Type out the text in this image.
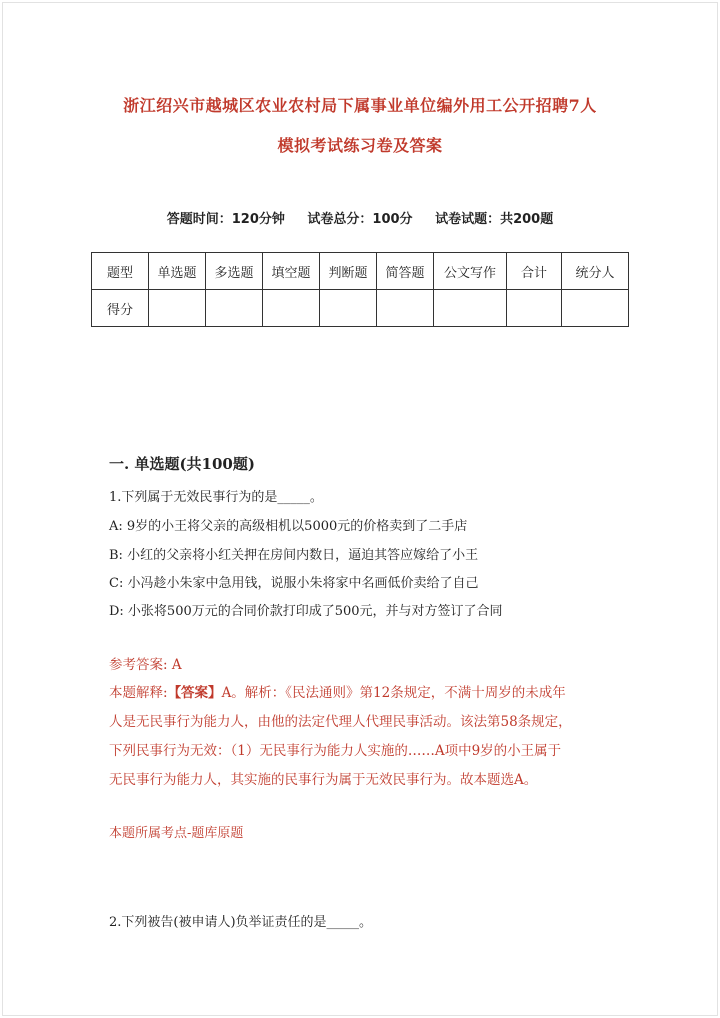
浙江绍兴市越城区农业农村局下属事业单位编外用工公开招聘7人
模拟考试练习卷及答案
答题时间：120分钟 试卷总分：100分 试卷试题：共200题
题型	单选题	多选题	填空题	判断题	简答题	公文写作	合计	统分人
得分								
一. 单选题(共100题)
1.下列属于无效民事行为的是_____。
A: 9岁的小王将父亲的高级相机以5000元的价格卖到了二手店
B: 小红的父亲将小红关押在房间内数日，逼迫其答应嫁给了小王
C: 小冯趁小朱家中急用钱，说服小朱将家中名画低价卖给了自己
D: 小张将500万元的合同价款打印成了500元，并与对方签订了合同
参考答案: A
本题解释:【答案】A。解析：《民法通则》第12条规定，不满十周岁的未成年
人是无民事行为能力人，由他的法定代理人代理民事活动。该法第58条规定，
下列民事行为无效：（1）无民事行为能力人实施的……A项中9岁的小王属于
无民事行为能力人，其实施的民事行为属于无效民事行为。故本题选A。
本题所属考点-题库原题
2.下列被告(被申请人)负举证责任的是_____。
